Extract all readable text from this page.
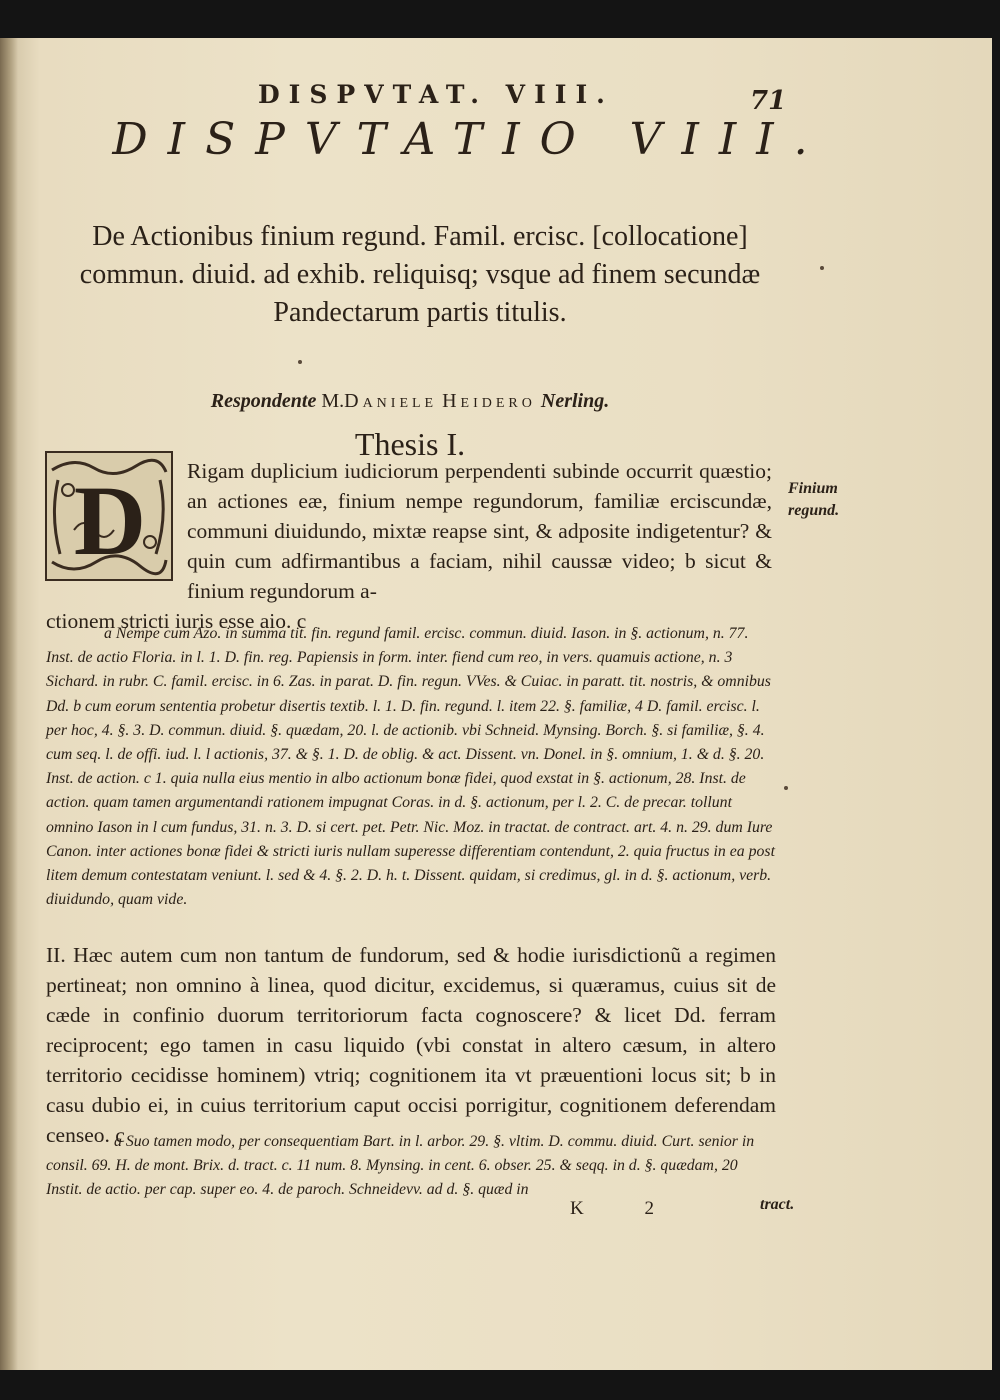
DISPVTAT. VIII.	71
DISPVTATIO VIII.
De Actionibus finium regund. Famil. ercisc. [collocatione] commun. diuid. ad exhib. reliquisq; vsque ad finem secundæ Pandectarum partis titulis.
Respondente M.Daniele Heidero Nerling.
Thesis I.
D Rigam duplicium iudiciorum perpendenti subinde occurrit quæstio; an actiones eæ, finium nempe regundorum, familiæ erciscundæ, communi diuidundo, mixtæ reapse sint, & adposite indigetentur? & quin cum adfirmantibus a faciam, nihil caussæ video; b sicut & finium regundorum a-
ctionem stricti iuris esse aio. c
Finium regund.
a Nempe cum Azo. in summa tit. fin. regund famil. ercisc. commun. diuid. Iason. in §. actionum, n. 77. Inst. de actio Floria. in l. 1. D. fin. reg. Papiensis in form. inter. fiend cum reo, in vers. quamuis actione, n. 3 Sichard. in rubr. C. famil. ercisc. in 6. Zas. in parat. D. fin. regun. VVes. & Cuiac. in paratt. tit. nostris, & omnibus Dd. b cum eorum sententia probetur disertis textib. l. 1. D. fin. regund. l. item 22. §. familiæ, 4 D. famil. ercisc. l. per hoc, 4. §. 3. D. commun. diuid. §. quædam, 20. l. de actionib. vbi Schneid. Mynsing. Borch. §. si familiæ, §. 4. cum seq. l. de offi. iud. l. l actionis, 37. & §. 1. D. de oblig. & act. Dissent. vn. Donel. in §. omnium, 1. & d. §. 20. Inst. de action. c 1. quia nulla eius mentio in albo actionum bonæ fidei, quod exstat in §. actionum, 28. Inst. de action. quam tamen argumentandi rationem impugnat Coras. in d. §. actionum, per l. 2. C. de precar. tollunt omnino Iason in l cum fundus, 31. n. 3. D. si cert. pet. Petr. Nic. Moz. in tractat. de contract. art. 4. n. 29. dum Iure Canon. inter actiones bonæ fidei & stricti iuris nullam superesse differentiam contendunt, 2. quia fructus in ea post litem demum contestatam veniunt. l. sed & 4. §. 2. D. h. t. Dissent. quidam, si credimus, gl. in d. §. actionum, verb. diuidundo, quam vide.
II. Hæc autem cum non tantum de fundorum, sed & hodie iurisdictionũ a regimen pertineat; non omnino à linea, quod dicitur, excidemus, si quæramus, cuius sit de cæde in confinio duorum territoriorum facta cognoscere? & licet Dd. ferram reciprocent; ego tamen in casu liquido (vbi constat in altero cæsum, in altero territorio cecidisse hominem) vtriq; cognitionem ita vt præuentioni locus sit; b in casu dubio ei, in cuius territorium caput occisi porrigitur, cognitionem deferendam censeo. c
a Suo tamen modo, per consequentiam Bart. in l. arbor. 29. §. vltim. D. commu. diuid. Curt. senior in consil. 69. H. de mont. Brix. d. tract. c. 11 num. 8. Mynsing. in cent. 6. obser. 25. & seqq. in d. §. quædam, 20 Instit. de actio. per cap. super eo. 4. de paroch. Schneidevv. ad d. §. quæd in
K 2	tract.
